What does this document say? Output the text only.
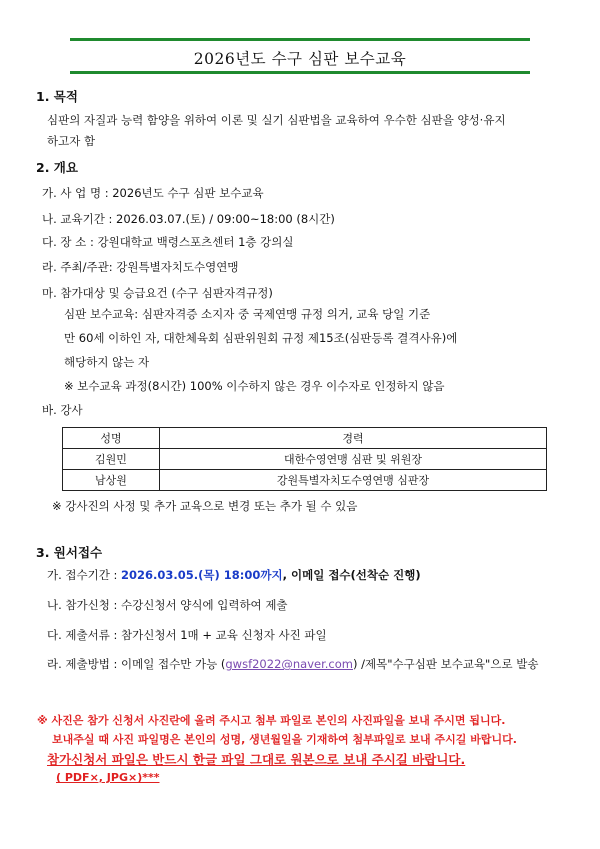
2026년도 수구 심판 보수교육
1. 목적
심판의 자질과 능력 함양을 위하여 이론 및 실기 심판법을 교육하여 우수한 심판을 양성·유지
하고자 함
2. 개요
가. 사 업 명 : 2026년도 수구 심판 보수교육
나. 교육기간 : 2026.03.07.(토) / 09:00~18:00 (8시간)
다. 장 소 : 강원대학교 백령스포츠센터 1층 강의실
라. 주최/주관: 강원특별자치도수영연맹
마. 참가대상 및 승급요건 (수구 심판자격규정)
심판 보수교육: 심판자격증 소지자 중 국제연맹 규정 의거, 교육 당일 기준
만 60세 이하인 자, 대한체육회 심판위원회 규정 제15조(심판등록 결격사유)에
해당하지 않는 자
※ 보수교육 과정(8시간) 100% 이수하지 않은 경우 이수자로 인정하지 않음
바. 강사
성명	경력
김원민	대한수영연맹 심판 및 위원장
남상원	강원특별자치도수영연맹 심판장
※ 강사진의 사정 및 추가 교육으로 변경 또는 추가 될 수 있음
3. 원서접수
가. 접수기간 : 2026.03.05.(목) 18:00까지, 이메일 접수(선착순 진행)
나. 참가신청 : 수강신청서 양식에 입력하여 제출
다. 제출서류 : 참가신청서 1매 + 교육 신청자 사진 파일
라. 제출방법 : 이메일 접수만 가능 (gwsf2022@naver.com) /제목"수구심판 보수교육"으로 발송
※ 사진은 참가 신청서 사진란에 올려 주시고 첨부 파일로 본인의 사진파일을 보내 주시면 됩니다.
보내주실 때 사진 파일명은 본인의 성명, 생년월일을 기재하여 첨부파일로 보내 주시길 바랍니다.
참가신청서 파일은 반드시 한글 파일 그대로 원본으로 보내 주시길 바랍니다.
( PDF×, JPG×)***
